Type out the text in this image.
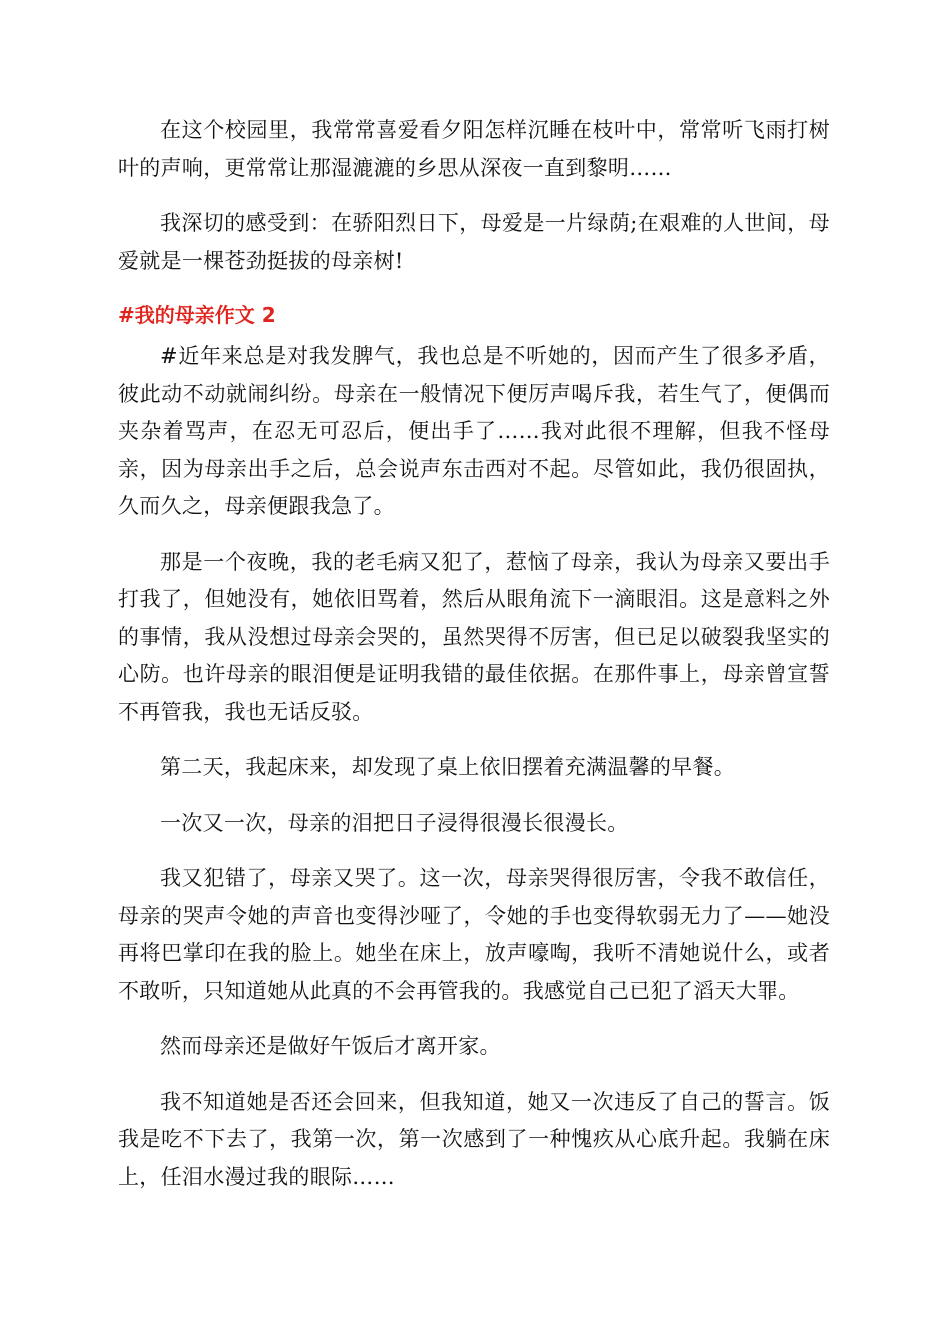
在这个校园里，我常常喜爱看夕阳怎样沉睡在枝叶中，常常听飞雨打树叶的声响，更常常让那湿漉漉的乡思从深夜一直到黎明……

我深切的感受到：在骄阳烈日下，母爱是一片绿荫;在艰难的人世间，母爱就是一棵苍劲挺拔的母亲树!

#我的母亲作文 2

#近年来总是对我发脾气，我也总是不听她的，因而产生了很多矛盾，彼此动不动就闹纠纷。母亲在一般情况下便厉声喝斥我，若生气了，便偶而夹杂着骂声，在忍无可忍后，便出手了……我对此很不理解，但我不怪母亲，因为母亲出手之后，总会说声东击西对不起。尽管如此，我仍很固执，久而久之，母亲便跟我急了。

那是一个夜晚，我的老毛病又犯了，惹恼了母亲，我认为母亲又要出手打我了，但她没有，她依旧骂着，然后从眼角流下一滴眼泪。这是意料之外的事情，我从没想过母亲会哭的，虽然哭得不厉害，但已足以破裂我坚实的心防。也许母亲的眼泪便是证明我错的最佳依据。在那件事上，母亲曾宣誓不再管我，我也无话反驳。

第二天，我起床来，却发现了桌上依旧摆着充满温馨的早餐。

一次又一次，母亲的泪把日子浸得很漫长很漫长。

我又犯错了，母亲又哭了。这一次，母亲哭得很厉害，令我不敢信任，母亲的哭声令她的声音也变得沙哑了，令她的手也变得软弱无力了——她没再将巴掌印在我的脸上。她坐在床上，放声嚎啕，我听不清她说什么，或者不敢听，只知道她从此真的不会再管我的。我感觉自己已犯了滔天大罪。

然而母亲还是做好午饭后才离开家。

我不知道她是否还会回来，但我知道，她又一次违反了自己的誓言。饭我是吃不下去了，我第一次，第一次感到了一种愧疚从心底升起。我躺在床上，任泪水漫过我的眼际……
